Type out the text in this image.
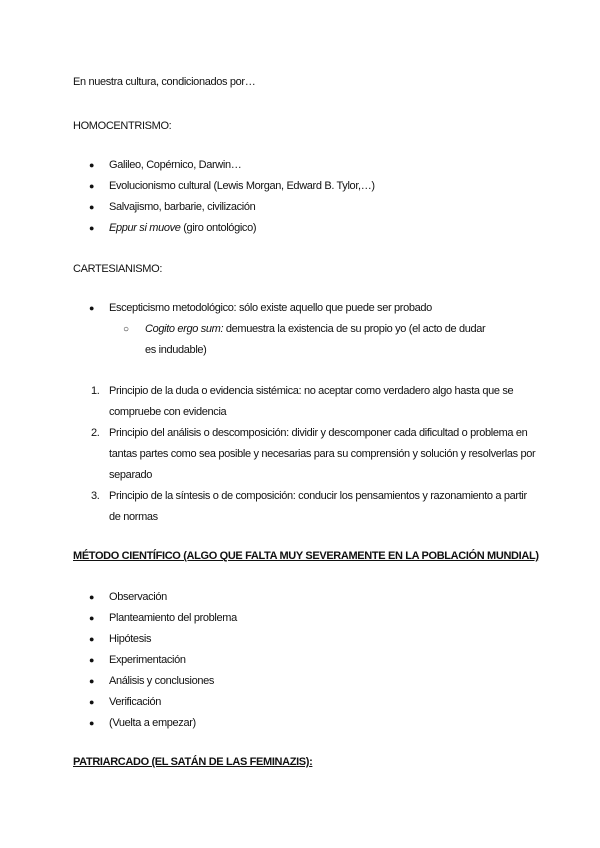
En nuestra cultura, condicionados por…
HOMOCENTRISMO:
● Galileo, Copérnico, Darwin…
● Evolucionismo cultural (Lewis Morgan, Edward B. Tylor,…)
● Salvajismo, barbarie, civilización
● Eppur si muove (giro ontológico)
CARTESIANISMO:
● Escepticismo metodológico: sólo existe aquello que puede ser probado
○ Cogito ergo sum: demuestra la existencia de su propio yo (el acto de dudar es indudable)
1. Principio de la duda o evidencia sistémica: no aceptar como verdadero algo hasta que se compruebe con evidencia
2. Principio del análisis o descomposición: dividir y descomponer cada dificultad o problema en tantas partes como sea posible y necesarias para su comprensión y solución y resolverlas por separado
3. Principio de la síntesis o de composición: conducir los pensamientos y razonamiento a partir de normas
MÉTODO CIENTÍFICO (ALGO QUE FALTA MUY SEVERAMENTE EN LA POBLACIÓN MUNDIAL)
● Observación
● Planteamiento del problema
● Hipótesis
● Experimentación
● Análisis y conclusiones
● Verificación
● (Vuelta a empezar)
PATRIARCADO (EL SATÁN DE LAS FEMINAZIS):
